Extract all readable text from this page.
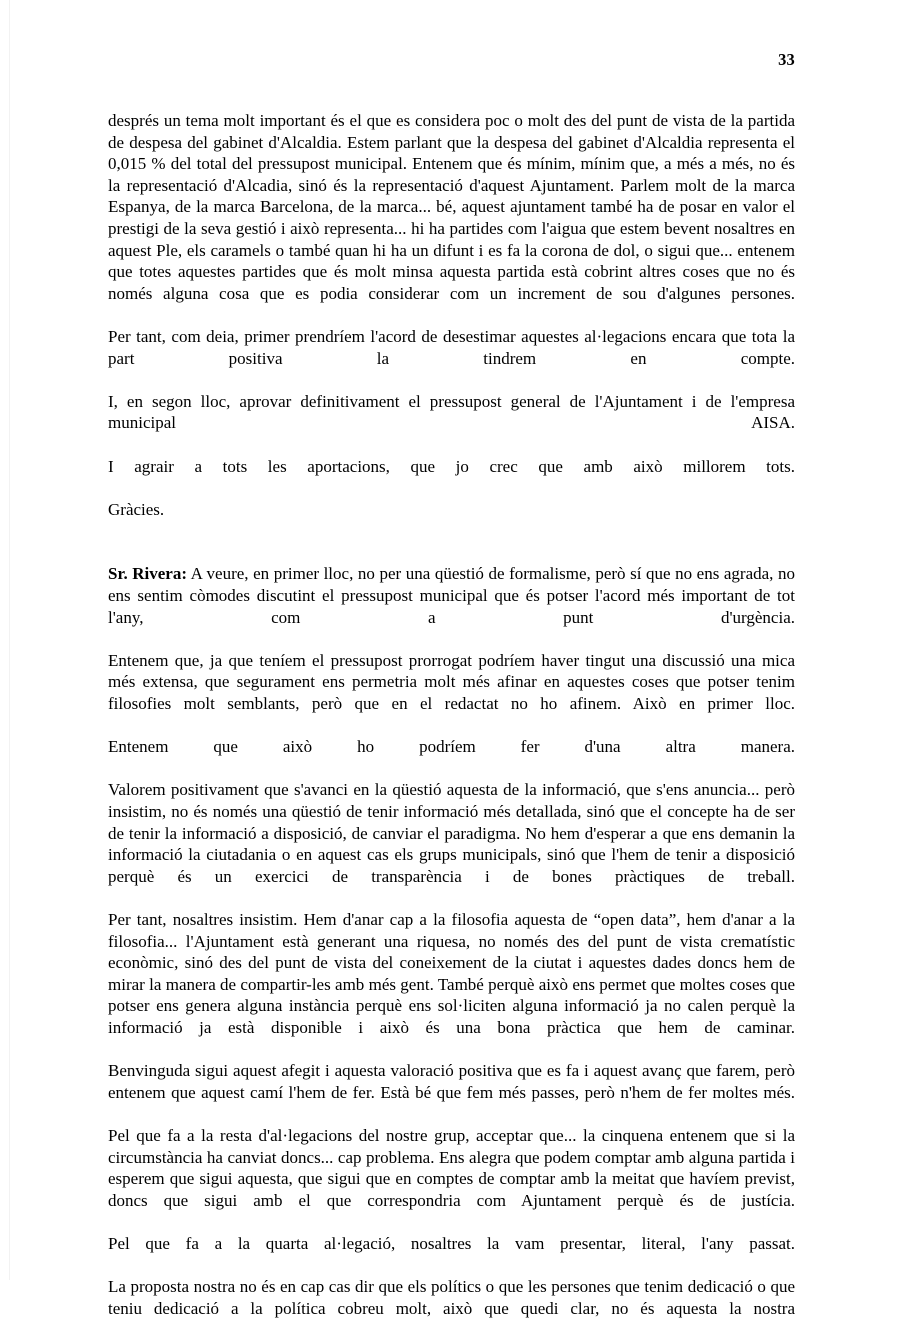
33

després un tema molt important és el que es considera poc o molt des del punt de vista de la partida de despesa del gabinet d'Alcaldia. Estem parlant que la despesa del gabinet d'Alcaldia representa el 0,015 % del total del pressupost municipal. Entenem que és mínim, mínim que, a més a més, no és la representació d'Alcadia, sinó és la representació d'aquest Ajuntament. Parlem molt de la marca Espanya, de la marca Barcelona, de la marca... bé, aquest ajuntament també ha de posar en valor el prestigi de la seva gestió i això representa... hi ha partides com l'aigua que estem bevent nosaltres en aquest Ple, els caramels o també quan hi ha un difunt i es fa la corona de dol, o sigui que... entenem que totes aquestes partides que és molt minsa aquesta partida està cobrint altres coses que no és només alguna cosa que es podia considerar com un increment de sou d'algunes persones.

Per tant, com deia, primer prendríem l'acord de desestimar aquestes al·legacions encara que tota la part positiva la tindrem en compte.

I, en segon lloc, aprovar definitivament el pressupost general de l'Ajuntament i de l'empresa municipal AISA.

I agrair a tots les aportacions, que jo crec que amb això millorem tots.

Gràcies.

Sr. Rivera: A veure, en primer lloc, no per una qüestió de formalisme, però sí que no ens agrada, no ens sentim còmodes discutint el pressupost municipal que és potser l'acord més important de tot l'any, com a punt d'urgència.

Entenem que, ja que teníem el pressupost prorrogat podríem haver tingut una discussió una mica més extensa, que segurament ens permetria molt més afinar en aquestes coses que potser tenim filosofies molt semblants, però que en el redactat no ho afinem. Això en primer lloc.

Entenem que això ho podríem fer d'una altra manera.

Valorem positivament que s'avanci en la qüestió aquesta de la informació, que s'ens anuncia... però insistim, no és només una qüestió de tenir informació més detallada, sinó que el concepte ha de ser de tenir la informació a disposició, de canviar el paradigma. No hem d'esperar a que ens demanin la informació la ciutadania o en aquest cas els grups municipals, sinó que l'hem de tenir a disposició perquè és un exercici de transparència i de bones pràctiques de treball.

Per tant, nosaltres insistim. Hem d'anar cap a la filosofia aquesta de “open data”, hem d'anar a la filosofia... l'Ajuntament està generant una riquesa, no només des del punt de vista crematístic econòmic, sinó des del punt de vista del coneixement de la ciutat i aquestes dades doncs hem de mirar la manera de compartir-les amb més gent. També perquè això ens permet que moltes coses que potser ens genera alguna instància perquè ens sol·liciten alguna informació ja no calen perquè la informació ja està disponible i això és una bona pràctica que hem de caminar.

Benvinguda sigui aquest afegit i aquesta valoració positiva que es fa i aquest avanç que farem, però entenem que aquest camí l'hem de fer. Està bé que fem més passes, però n'hem de fer moltes més.

Pel que fa a la resta d'al·legacions del nostre grup, acceptar que... la cinquena entenem que si la circumstància ha canviat doncs... cap problema. Ens alegra que podem comptar amb alguna partida i esperem que sigui aquesta, que sigui que en comptes de comptar amb la meitat que havíem previst, doncs que sigui amb el que correspondria com Ajuntament perquè és de justícia.

Pel que fa a la quarta al·legació, nosaltres la vam presentar, literal, l'any passat.

La proposta nostra no és en cap cas dir que els polítics o que les persones que tenim dedicació o que teniu dedicació a la política cobreu molt, això que quedi clar, no és aquesta la nostra
